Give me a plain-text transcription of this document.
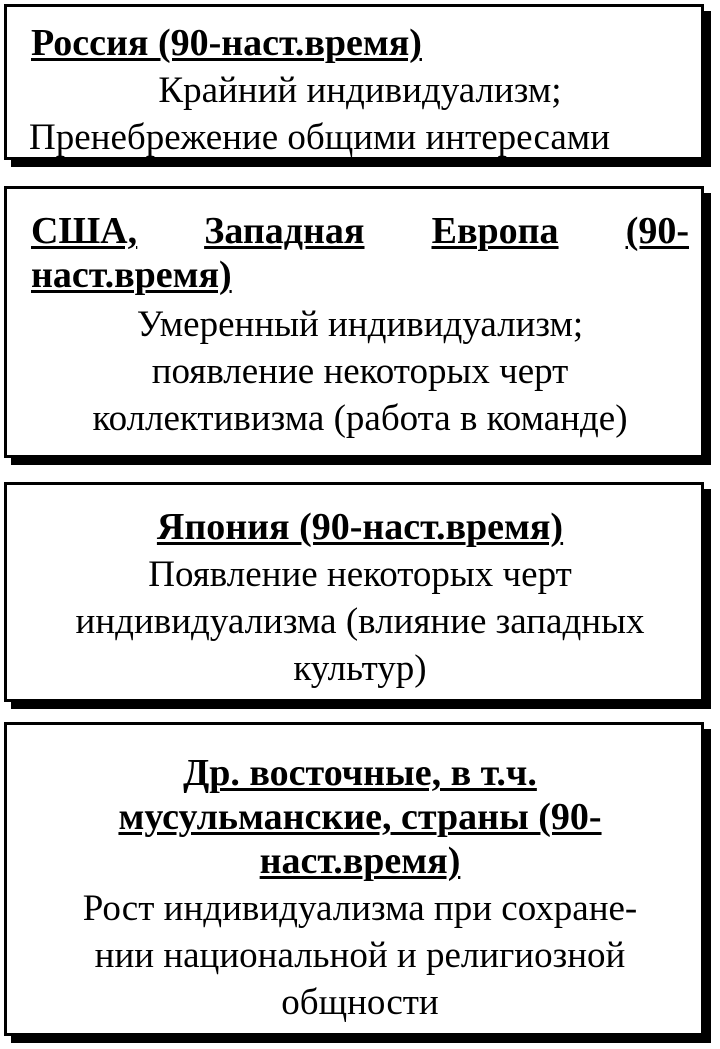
Россия (90-наст.время)
Крайний индивидуализм;
Пренебрежение общими интересами
США, Западная Европа (90-
наст.время)
Умеренный индивидуализм;
появление некоторых черт
коллективизма (работа в команде)
Япония (90-наст.время)
Появление некоторых черт
индивидуализма (влияние западных
культур)
Др. восточные, в т.ч.
мусульманские, страны (90-
наст.время)
Рост индивидуализма при сохране-
нии национальной и религиозной
общности
